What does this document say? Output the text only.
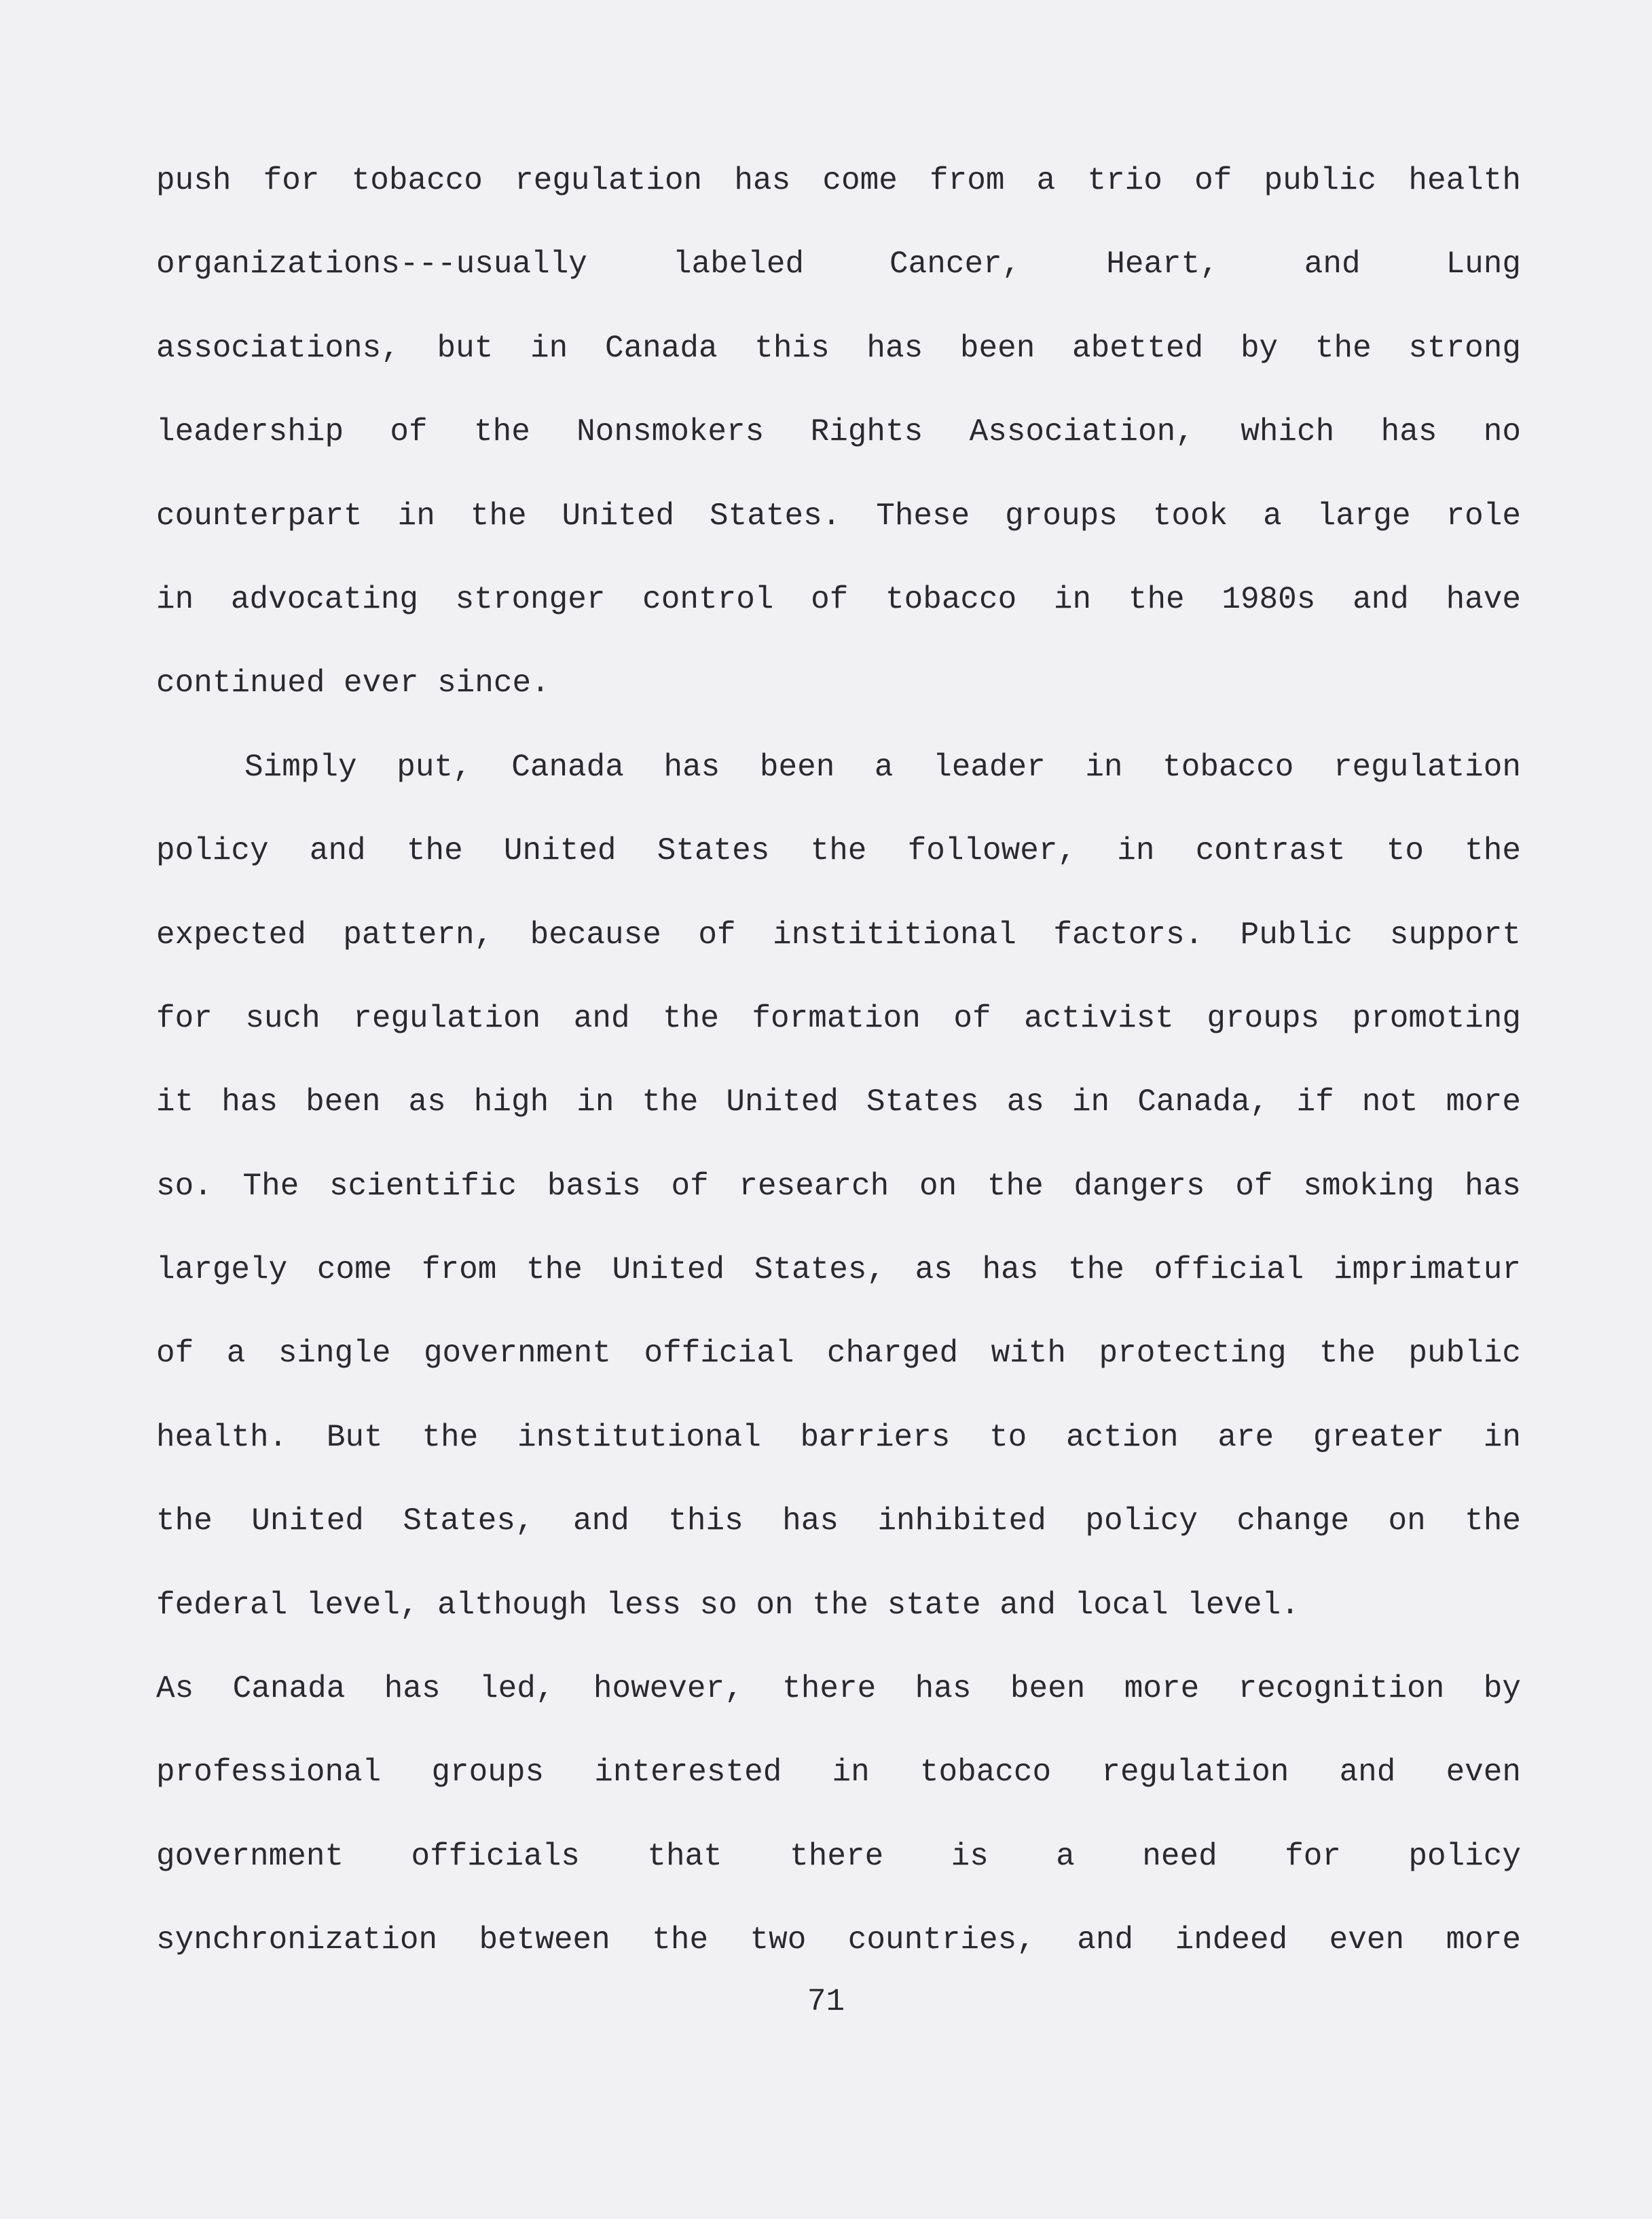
push for tobacco regulation has come from a trio of public health
organizations---usually labeled Cancer, Heart, and Lung
associations, but in Canada this has been abetted by the strong
leadership of the Nonsmokers Rights Association, which has no
counterpart in the United States. These groups took a large role
in advocating stronger control of tobacco in the 1980s and have
continued ever since.
Simply put, Canada has been a leader in tobacco regulation
policy and the United States the follower, in contrast to the
expected pattern, because of instititional factors. Public support
for such regulation and the formation of activist groups promoting
it has been as high in the United States as in Canada, if not more
so. The scientific basis of research on the dangers of smoking has
largely come from the United States, as has the official imprimatur
of a single government official charged with protecting the public
health. But the institutional barriers to action are greater in
the United States, and this has inhibited policy change on the
federal level, although less so on the state and local level.
As Canada has led, however, there has been more recognition by
professional groups interested in tobacco regulation and even
government officials that there is a need for policy
synchronization between the two countries, and indeed even more
71
